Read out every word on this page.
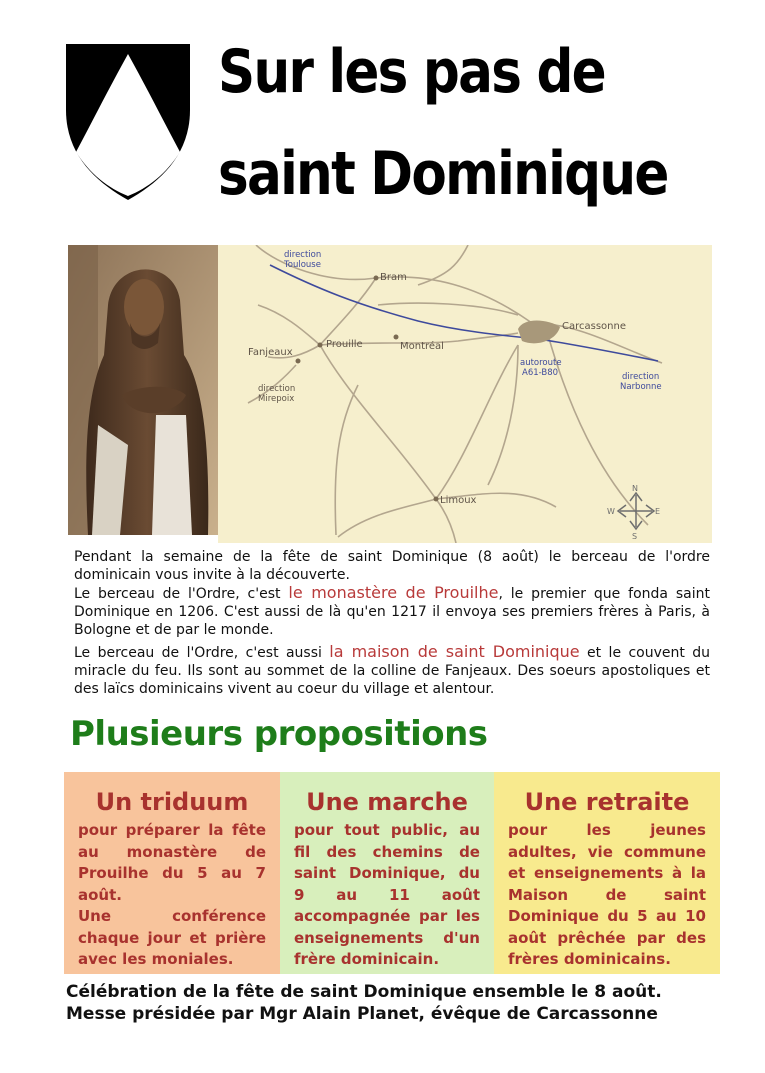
Sur les pas de
saint Dominique
Bram
Carcassonne
Fanjeaux
Prouille	Montréal
Limoux
direction
Toulouse
direction
Mirepoix
direction
Narbonne
autoroute
A61-B80
N
S
E
W
Pendant la semaine de la fête de saint Dominique (8 août) le berceau de l'ordre dominicain vous invite à la découverte.
Le berceau de l'Ordre, c'est le monastère de Prouilhe, le premier que fonda saint Dominique en 1206. C'est aussi de là qu'en 1217 il envoya ses premiers frères à Paris, à Bologne et de par le monde.
Le berceau de l'Ordre, c'est aussi la maison de saint Dominique et le couvent du miracle du feu. Ils sont au sommet de la colline de Fanjeaux. Des soeurs apostoliques et des laïcs dominicains vivent au coeur du village et alentour.
Plusieurs propositions
Un triduum
pour préparer la fête au monastère de Prouilhe du 5 au 7 août.
Une conférence chaque jour et prière avec les moniales.
Une marche
pour tout public, au fil des chemins de saint Dominique, du 9 au 11 août accompagnée par les enseignements d'un frère dominicain.
Une retraite
pour les jeunes adultes, vie commune et enseignements à la Maison de saint Dominique du 5 au 10 août prêchée par des frères dominicains.
Célébration de la fête de saint Dominique ensemble le 8 août.
Messe présidée par Mgr Alain Planet, évêque de Carcassonne
